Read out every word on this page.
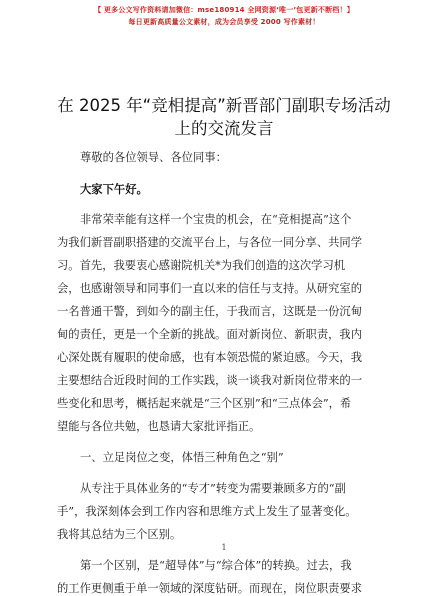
【 更多公文写作资料请加微信：mse180914 全网资源‘唯一’包更新不断档！】
每日更新高质量公文素材，成为会员享受 2000 写作素材！
在 2025 年“竞相提高”新晋部门副职专场活动
上的交流发言
尊敬的各位领导、各位同事：
大家下午好。
非常荣幸能有这样一个宝贵的机会，在“竞相提高”这个
为我们新晋副职搭建的交流平台上，与各位一同分享、共同学
习。首先，我要衷心感谢院机关*为我们创造的这次学习机
会，也感谢领导和同事们一直以来的信任与支持。从研究室的
一名普通干警，到如今的副主任，于我而言，这既是一份沉甸
甸的责任，更是一个全新的挑战。面对新岗位、新职责，我内
心深处既有履职的使命感，也有本领恐慌的紧迫感。今天，我
主要想结合近段时间的工作实践，谈一谈我对新岗位带来的一
些变化和思考，概括起来就是“三个区别”和“三点体会”，希
望能与各位共勉，也恳请大家批评指正。
一、立足岗位之变，体悟三种角色之“别”
从专注于具体业务的“专才”转变为需要兼顾多方的“副
手”，我深刻体会到工作内容和思维方式上发生了显著变化。
我将其总结为三个区别。
第一个区别，是“超导体”与“综合体”的转换。过去，我
的工作更侧重于单一领域的深度钻研。而现在，岗位职责要求
1
